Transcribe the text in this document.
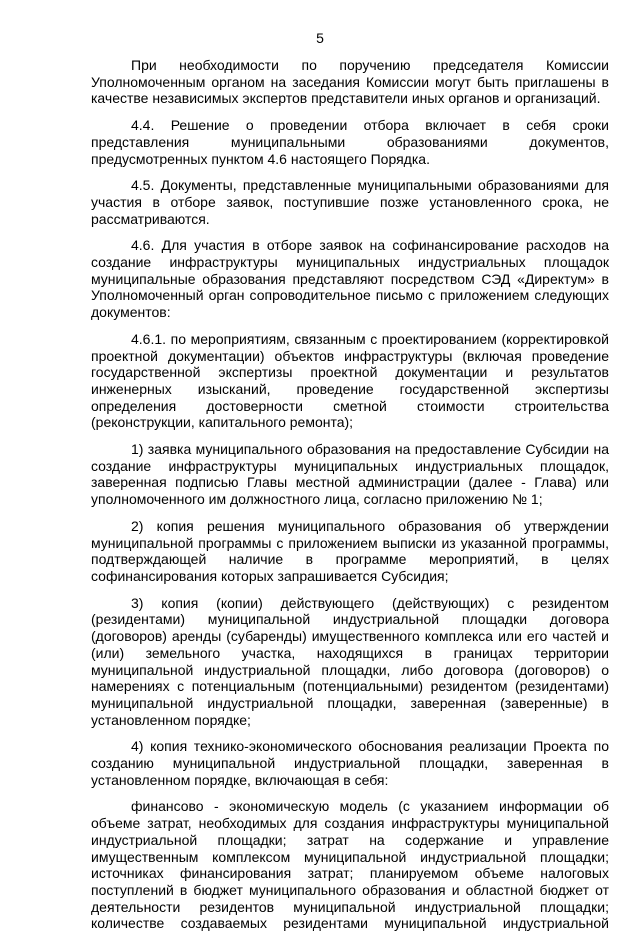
5

При необходимости по поручению председателя Комиссии Уполномоченным органом на заседания Комиссии могут быть приглашены в качестве независимых экспертов представители иных органов и организаций.

4.4. Решение о проведении отбора включает в себя сроки представления муниципальными образованиями документов, предусмотренных пунктом 4.6 настоящего Порядка.

4.5. Документы, представленные муниципальными образованиями для участия в отборе заявок, поступившие позже установленного срока, не рассматриваются.

4.6. Для участия в отборе заявок на софинансирование расходов на создание инфраструктуры муниципальных индустриальных площадок муниципальные образования представляют посредством СЭД «Директум» в Уполномоченный орган сопроводительное письмо с приложением следующих документов:

4.6.1. по мероприятиям, связанным с проектированием (корректировкой проектной документации) объектов инфраструктуры (включая проведение государственной экспертизы проектной документации и результатов инженерных изысканий, проведение государственной экспертизы определения достоверности сметной стоимости строительства (реконструкции, капитального ремонта);

1) заявка муниципального образования на предоставление Субсидии на создание инфраструктуры муниципальных индустриальных площадок, заверенная подписью Главы местной администрации (далее - Глава) или уполномоченного им должностного лица, согласно приложению № 1;

2) копия решения муниципального образования об утверждении муниципальной программы с приложением выписки из указанной программы, подтверждающей наличие в программе мероприятий, в целях софинансирования которых запрашивается Субсидия;

3) копия (копии) действующего (действующих) с резидентом (резидентами) муниципальной индустриальной площадки договора (договоров) аренды (субаренды) имущественного комплекса или его частей и (или) земельного участка, находящихся в границах территории муниципальной индустриальной площадки, либо договора (договоров) о намерениях с потенциальным (потенциальными) резидентом (резидентами) муниципальной индустриальной площадки, заверенная (заверенные) в установленном порядке;

4) копия технико-экономического обоснования реализации Проекта по созданию муниципальной индустриальной площадки, заверенная в установленном порядке, включающая в себя:

финансово - экономическую модель (с указанием информации об объеме затрат, необходимых для создания инфраструктуры муниципальной индустриальной площадки; затрат на содержание и управление имущественным комплексом муниципальной индустриальной площадки; источниках финансирования затрат; планируемом объеме налоговых поступлений в бюджет муниципального образования и областной бюджет от деятельности резидентов муниципальной индустриальной площадки; количестве создаваемых резидентами муниципальной индустриальной
